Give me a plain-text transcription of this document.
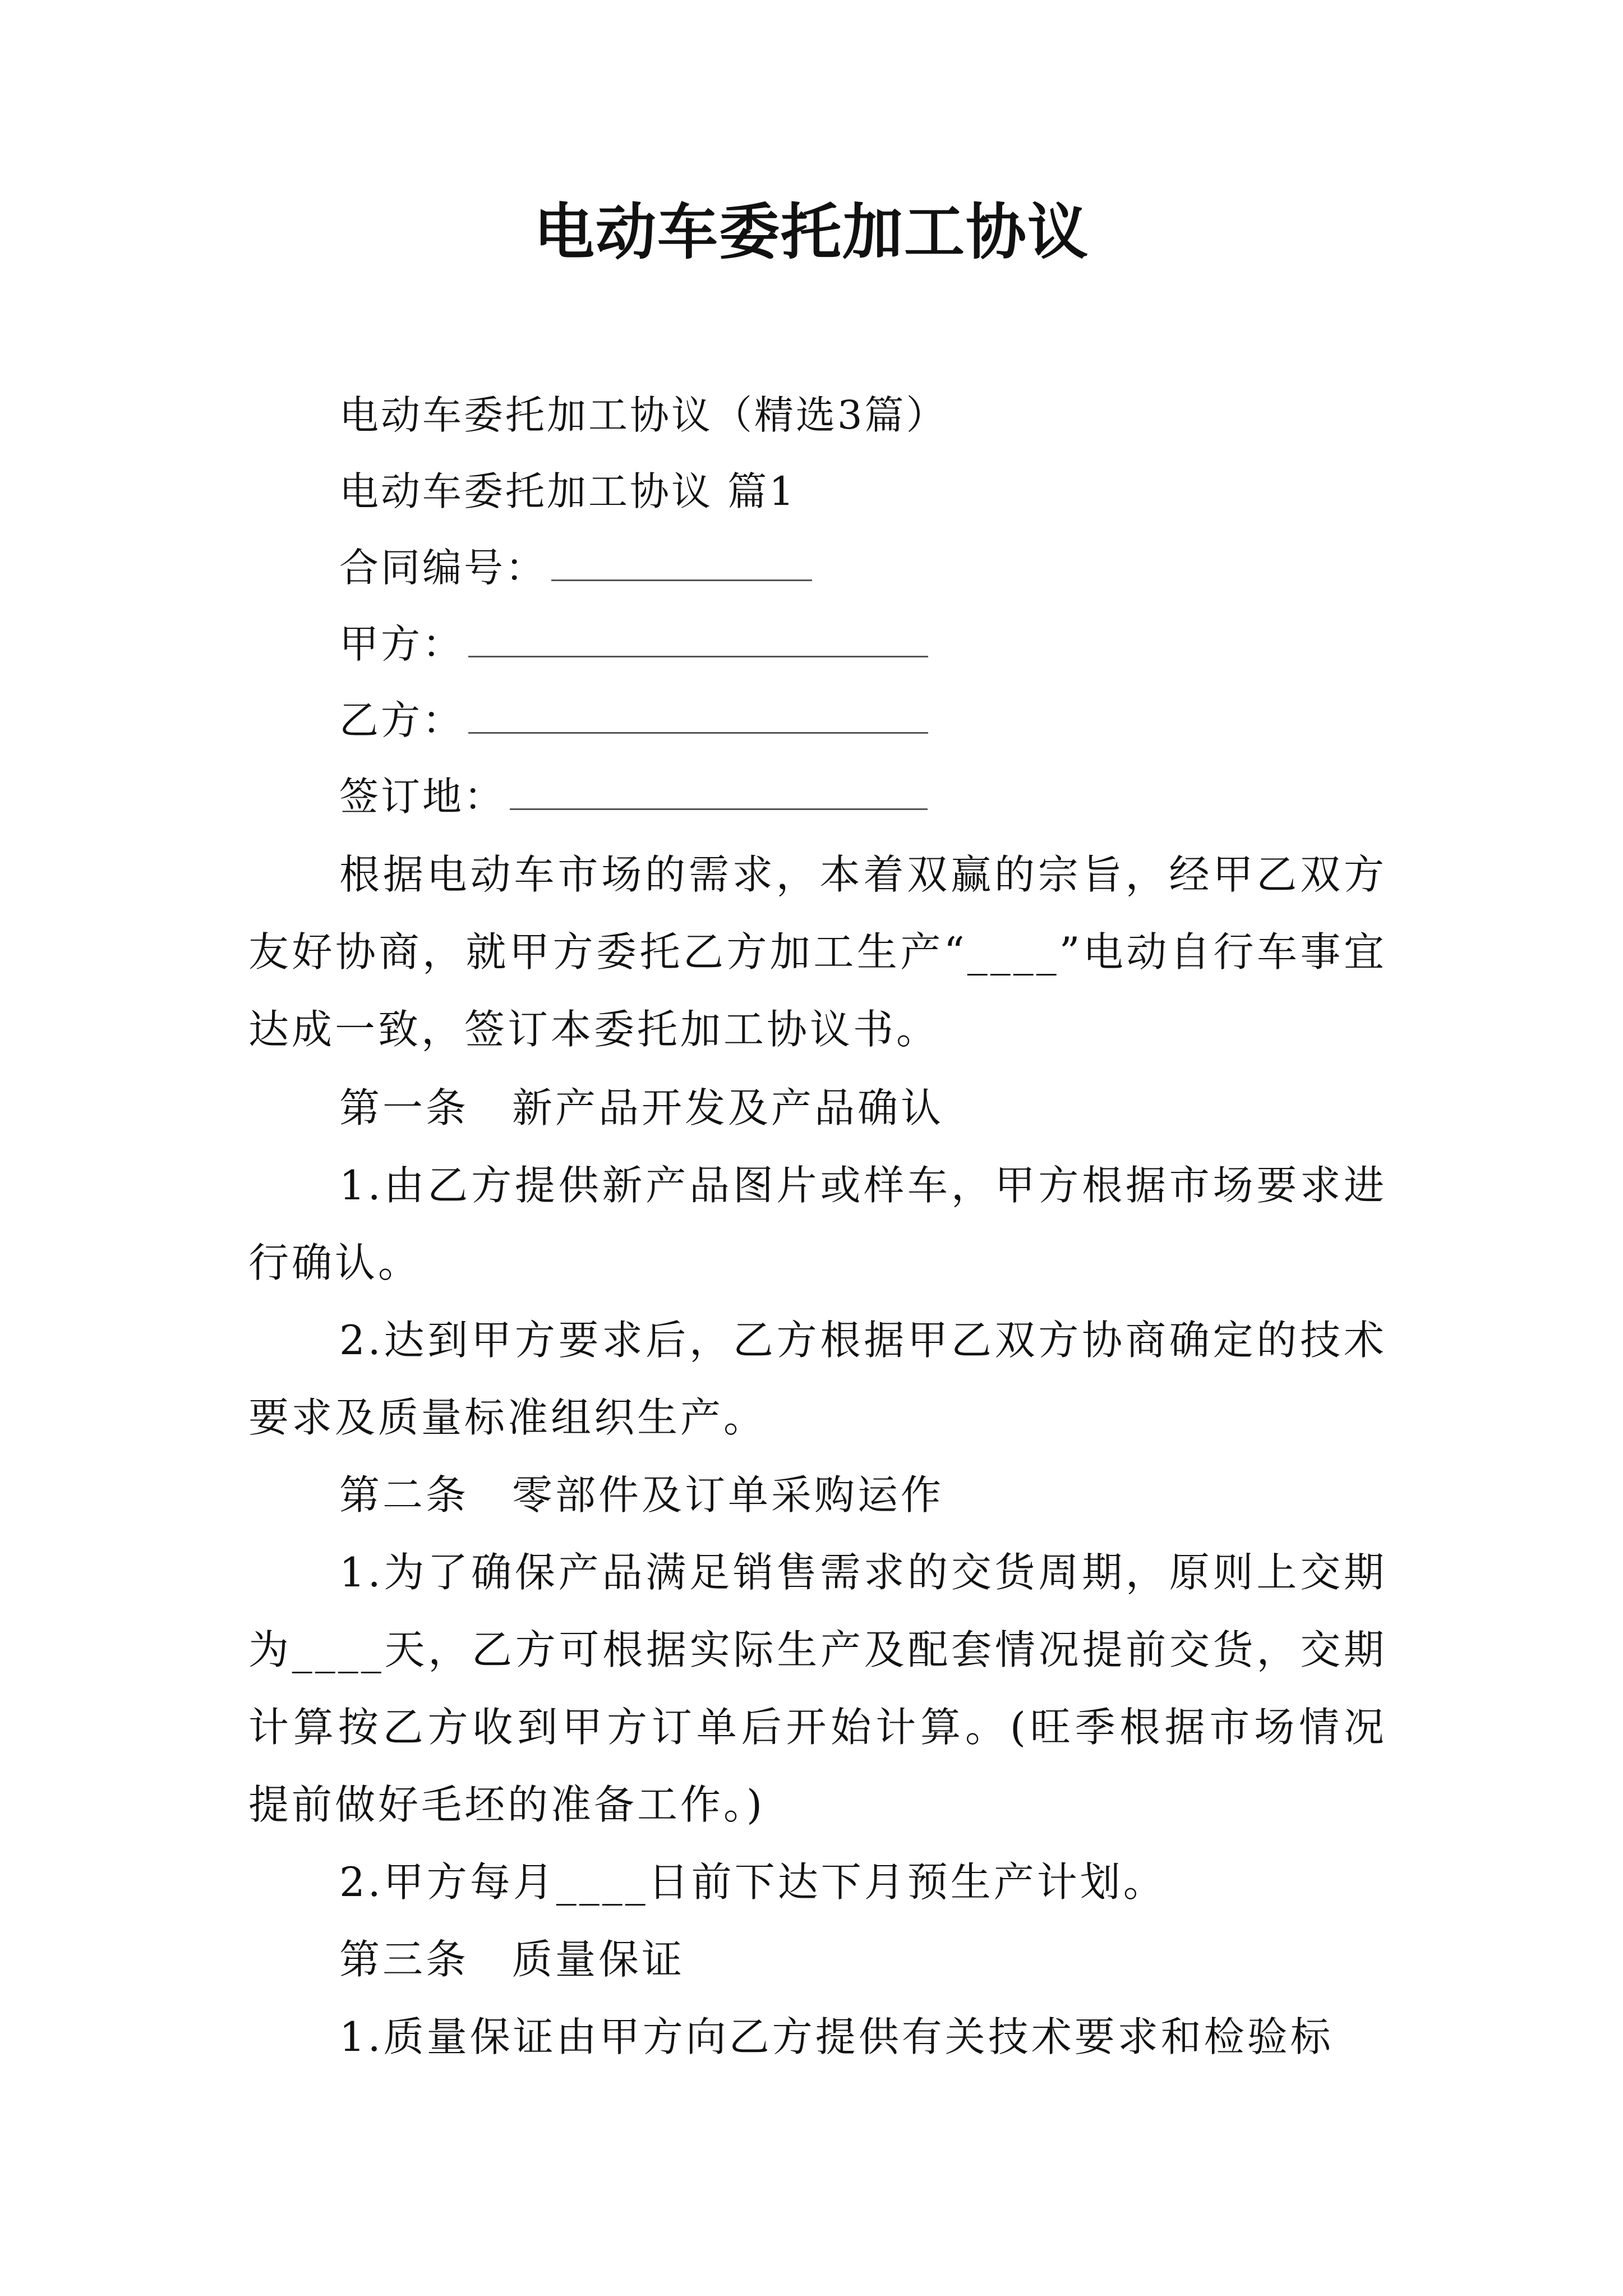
电动车委托加工协议
电动车委托加工协议（精选3篇）
电动车委托加工协议 篇1
合同编号：
甲方：
乙方：
签订地：

根据电动车市场的需求，本着双赢的宗旨，经甲乙双方友好协商，就甲方委托乙方加工生产“____”电动自行车事宜达成一致，签订本委托加工协议书。

第一条　新产品开发及产品确认

1.由乙方提供新产品图片或样车，甲方根据市场要求进行确认。

2.达到甲方要求后，乙方根据甲乙双方协商确定的技术要求及质量标准组织生产。

第二条　零部件及订单采购运作

1.为了确保产品满足销售需求的交货周期，原则上交期为____天，乙方可根据实际生产及配套情况提前交货，交期计算按乙方收到甲方订单后开始计算。(旺季根据市场情况提前做好毛坯的准备工作。)

2.甲方每月____日前下达下月预生产计划。

第三条　质量保证

1.质量保证由甲方向乙方提供有关技术要求和检验标
